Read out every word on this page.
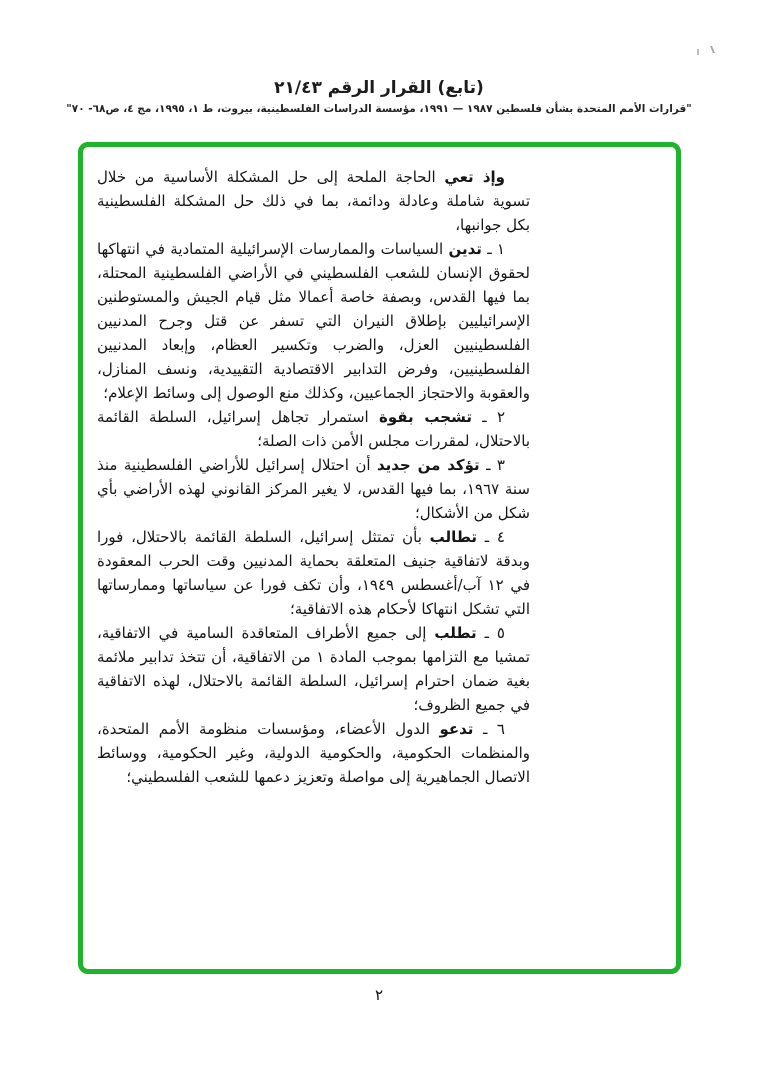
(تابع) القرار الرقم ٢١/٤٣
"قرارات الأمم المتحدة بشأن فلسطين ١٩٨٧ — ١٩٩١، مؤسسة الدراسات الفلسطينية، بيروت، ط ١، ١٩٩٥، مج ٤، ص٦٨- ٧٠"

وإذ تعي الحاجة الملحة إلى حل المشكلة الأساسية من خلال تسوية شاملة وعادلة ودائمة، بما في ذلك حل المشكلة الفلسطينية بكل جوانبها،

١ ـ تدين السياسات والممارسات الإسرائيلية المتمادية في انتهاكها لحقوق الإنسان للشعب الفلسطيني في الأراضي الفلسطينية المحتلة، بما فيها القدس، وبصفة خاصة أعمالا مثل قيام الجيش والمستوطنين الإسرائيليين بإطلاق النيران التي تسفر عن قتل وجرح المدنيين الفلسطينيين العزل، والضرب وتكسير العظام، وإبعاد المدنيين الفلسطينيين، وفرض التدابير الاقتصادية التقييدية، ونسف المنازل، والعقوبة والاحتجاز الجماعيين، وكذلك منع الوصول إلى وسائط الإعلام؛

٢ ـ تشجب بقوة استمرار تجاهل إسرائيل، السلطة القائمة بالاحتلال، لمقررات مجلس الأمن ذات الصلة؛

٣ ـ تؤكد من جديد أن احتلال إسرائيل للأراضي الفلسطينية منذ سنة ١٩٦٧، بما فيها القدس، لا يغير المركز القانوني لهذه الأراضي بأي شكل من الأشكال؛

٤ ـ تطالب بأن تمتثل إسرائيل، السلطة القائمة بالاحتلال، فورا وبدقة لاتفاقية جنيف المتعلقة بحماية المدنيين وقت الحرب المعقودة في ١٢ آب/أغسطس ١٩٤٩، وأن تكف فورا عن سياساتها وممارساتها التي تشكل انتهاكا لأحكام هذه الاتفاقية؛

٥ ـ تطلب إلى جميع الأطراف المتعاقدة السامية في الاتفاقية، تمشيا مع التزامها بموجب المادة ١ من الاتفاقية، أن تتخذ تدابير ملائمة بغية ضمان احترام إسرائيل، السلطة القائمة بالاحتلال، لهذه الاتفاقية في جميع الظروف؛

٦ ـ تدعو الدول الأعضاء، ومؤسسات منظومة الأمم المتحدة، والمنظمات الحكومية، والحكومية الدولية، وغير الحكومية، ووسائط الاتصال الجماهيرية إلى مواصلة وتعزيز دعمها للشعب الفلسطيني؛

٢
